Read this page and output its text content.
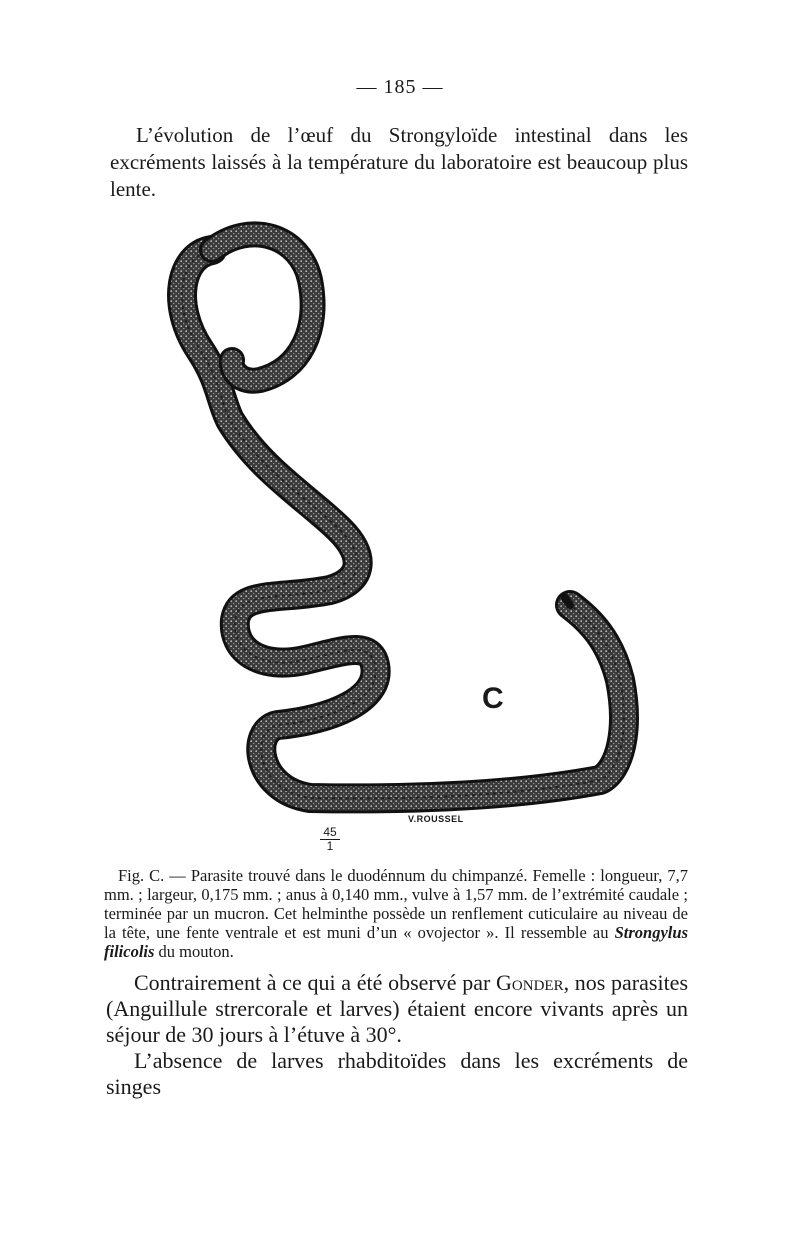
— 185 —

L’évolution de l’œuf du Strongyloïde intestinal dans les excréments laissés à la température du laboratoire est beaucoup plus lente.

C
V.ROUSSEL
$\frac{45}{1}$

Fig. C. — Parasite trouvé dans le duodénnum du chimpanzé. Femelle : longueur, 7,7 mm. ; largeur, 0,175 mm. ; anus à 0,140 mm., vulve à 1,57 mm. de l’extrémité caudale ; terminée par un mucron. Cet helminthe possède un renflement cuticulaire au niveau de la tête, une fente ventrale et est muni d’un « ovojector ». Il ressemble au Strongylus filicolis du mouton.

Contrairement à ce qui a été observé par Gonder, nos parasites (Anguillule strercorale et larves) étaient encore vivants après un séjour de 30 jours à l’étuve à 30°.

L’absence de larves rhabditoïdes dans les excréments de singes
